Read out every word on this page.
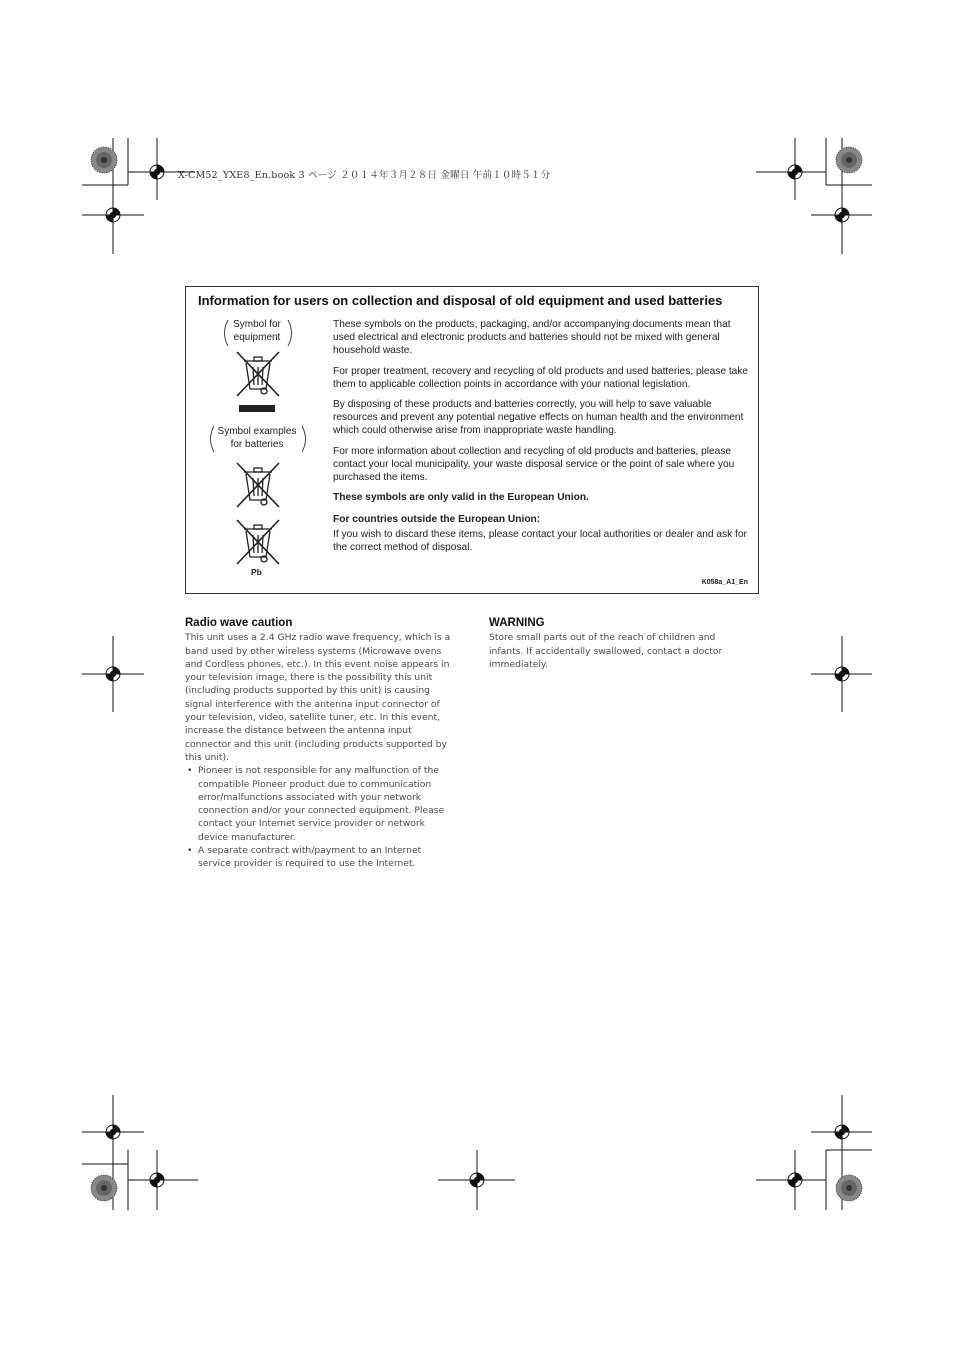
X-CM52_YXE8_En.book 3 ページ ２０１４年３月２８日 金曜日 午前１０時５１分
Information for users on collection and disposal of old equipment and used batteries
Symbol for
equipment
Symbol examples
for batteries
Pb

These symbols on the products, packaging, and/or accompanying documents mean that used electrical and electronic products and batteries should not be mixed with general household waste.

For proper treatment, recovery and recycling of old products and used batteries, please take them to applicable collection points in accordance with your national legislation.

By disposing of these products and batteries correctly, you will help to save valuable resources and prevent any potential negative effects on human health and the environment which could otherwise arise from inappropriate waste handling.

For more information about collection and recycling of old products and batteries, please contact your local municipality, your waste disposal service or the point of sale where you purchased the items.

These symbols are only valid in the European Union.

For countries outside the European Union:

If you wish to discard these items, please contact your local authorities or dealer and ask for the correct method of disposal.

K058a_A1_En
Radio wave caution

This unit uses a 2.4 GHz radio wave frequency, which is a band used by other wireless systems (Microwave ovens and Cordless phones, etc.). In this event noise appears in your television image, there is the possibility this unit (including products supported by this unit) is causing signal interference with the antenna input connector of your television, video, satellite tuner, etc. In this event, increase the distance between the antenna input connector and this unit (including products supported by this unit).

• Pioneer is not responsible for any malfunction of the compatible Pioneer product due to communication error/malfunctions associated with your network connection and/or your connected equipment. Please contact your Internet service provider or network device manufacturer.
• A separate contract with/payment to an Internet service provider is required to use the Internet.
WARNING

Store small parts out of the reach of children and infants. If accidentally swallowed, contact a doctor immediately.
